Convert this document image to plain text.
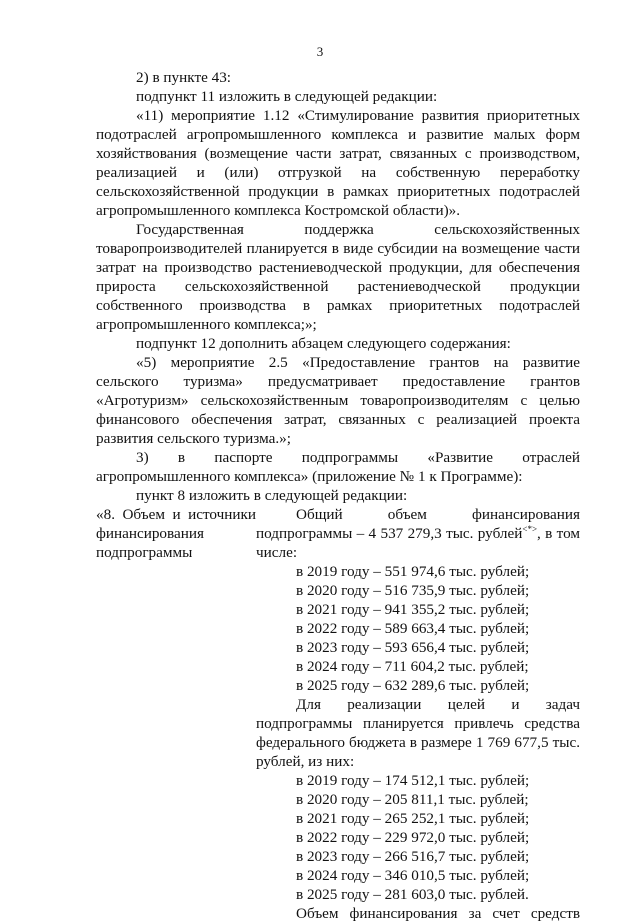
3
2) в пункте 43:
подпункт 11 изложить в следующей редакции:
«11) мероприятие 1.12 «Стимулирование развития приоритетных подотраслей агропромышленного комплекса и развитие малых форм хозяйствования (возмещение части затрат, связанных с производством, реализацией и (или) отгрузкой на собственную переработку сельскохозяйственной продукции в рамках приоритетных подотраслей агропромышленного комплекса Костромской области)».
Государственная поддержка сельскохозяйственных товаропроизводителей планируется в виде субсидии на возмещение части затрат на производство растениеводческой продукции, для обеспечения прироста сельскохозяйственной растениеводческой продукции собственного производства в рамках приоритетных подотраслей агропромышленного комплекса;»;
подпункт 12 дополнить абзацем следующего содержания:
«5) мероприятие 2.5 «Предоставление грантов на развитие сельского туризма» предусматривает предоставление грантов «Агротуризм» сельскохозяйственным товаропроизводителям с целью финансового обеспечения затрат, связанных с реализацией проекта развития сельского туризма.»;
3) в паспорте подпрограммы «Развитие отраслей агропромышленного комплекса» (приложение № 1 к Программе):
пункт 8 изложить в следующей редакции:
«8. Объем и источники финансирования подпрограммы
Общий объем финансирования подпрограммы – 4 537 279,3 тыс. рублей<*>, в том числе:
в 2019 году – 551 974,6 тыс. рублей;
в 2020 году – 516 735,9 тыс. рублей;
в 2021 году – 941 355,2 тыс. рублей;
в 2022 году – 589 663,4 тыс. рублей;
в 2023 году – 593 656,4 тыс. рублей;
в 2024 году – 711 604,2 тыс. рублей;
в 2025 году – 632 289,6 тыс. рублей;
Для реализации целей и задач подпрограммы планируется привлечь средства федерального бюджета в размере 1 769 677,5 тыс. рублей, из них:
в 2019 году – 174 512,1 тыс. рублей;
в 2020 году – 205 811,1 тыс. рублей;
в 2021 году – 265 252,1 тыс. рублей;
в 2022 году – 229 972,0 тыс. рублей;
в 2023 году – 266 516,7 тыс. рублей;
в 2024 году – 346 010,5 тыс. рублей;
в 2025 году – 281 603,0 тыс. рублей.
Объем финансирования за счет средств
